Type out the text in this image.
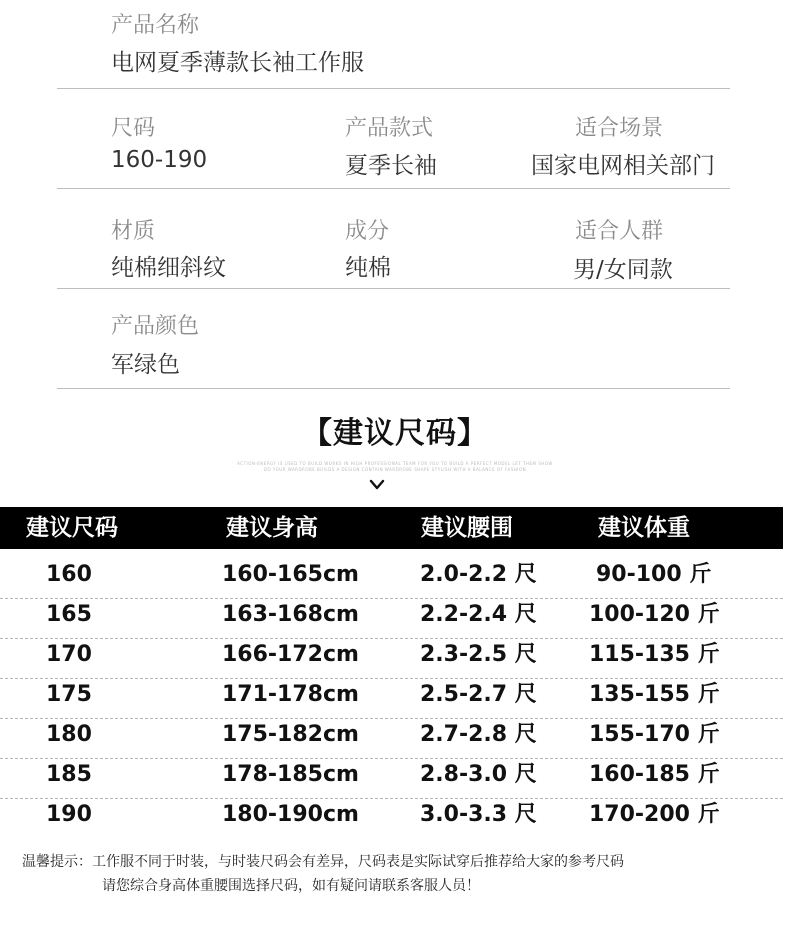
产品名称
电网夏季薄款长袖工作服
尺码
160-190
产品款式
夏季长袖
适合场景
国家电网相关部门
材质
纯棉细斜纹
成分
纯棉
适合人群
男/女同款
产品颜色
军绿色
【建议尺码】
ACTION-ENERGY IS USED TO BUILD WORKS IN HIGH PROFESSIONAL TEAM FOR YOU TO BUILD A PERFECT MODEL LET THEM SHOW
DO YOUR WARDROBE BUILDS A DESIGN CONTAIN WARDROBE SHAPE STYLISH WITH A BALANCE OF FASHION
建议尺码	建议身高	建议腰围	建议体重
160	160-165cm	2.0-2.2 尺	90-100 斤
165	163-168cm	2.2-2.4 尺 100-120 斤
170	166-172cm	2.3-2.5 尺 115-135 斤
175	171-178cm	2.5-2.7 尺 135-155 斤
180	175-182cm	2.7-2.8 尺 155-170 斤
185	178-185cm	2.8-3.0 尺 160-185 斤
190	180-190cm	3.0-3.3 尺 170-200 斤
温馨提示：工作服不同于时装，与时装尺码会有差异，尺码表是实际试穿后推荐给大家的参考尺码
请您综合身高体重腰围选择尺码，如有疑问请联系客服人员！
